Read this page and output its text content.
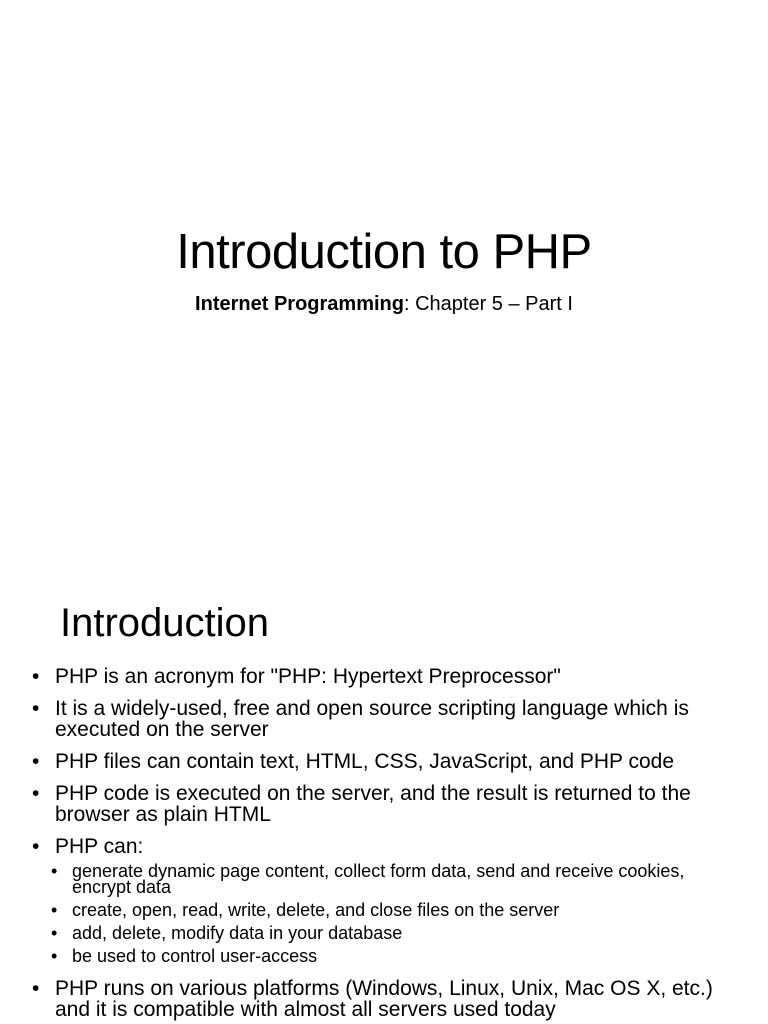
Introduction to PHP
Internet Programming: Chapter 5 – Part I
Introduction
• PHP is an acronym for "PHP: Hypertext Preprocessor"
• It is a widely-used, free and open source scripting language which is executed on the server
• PHP files can contain text, HTML, CSS, JavaScript, and PHP code
• PHP code is executed on the server, and the result is returned to the browser as plain HTML
• PHP can:
• generate dynamic page content, collect form data, send and receive cookies, encrypt data
• create, open, read, write, delete, and close files on the server
• add, delete, modify data in your database
• be used to control user-access
• PHP runs on various platforms (Windows, Linux, Unix, Mac OS X, etc.) and it is compatible with almost all servers used today
